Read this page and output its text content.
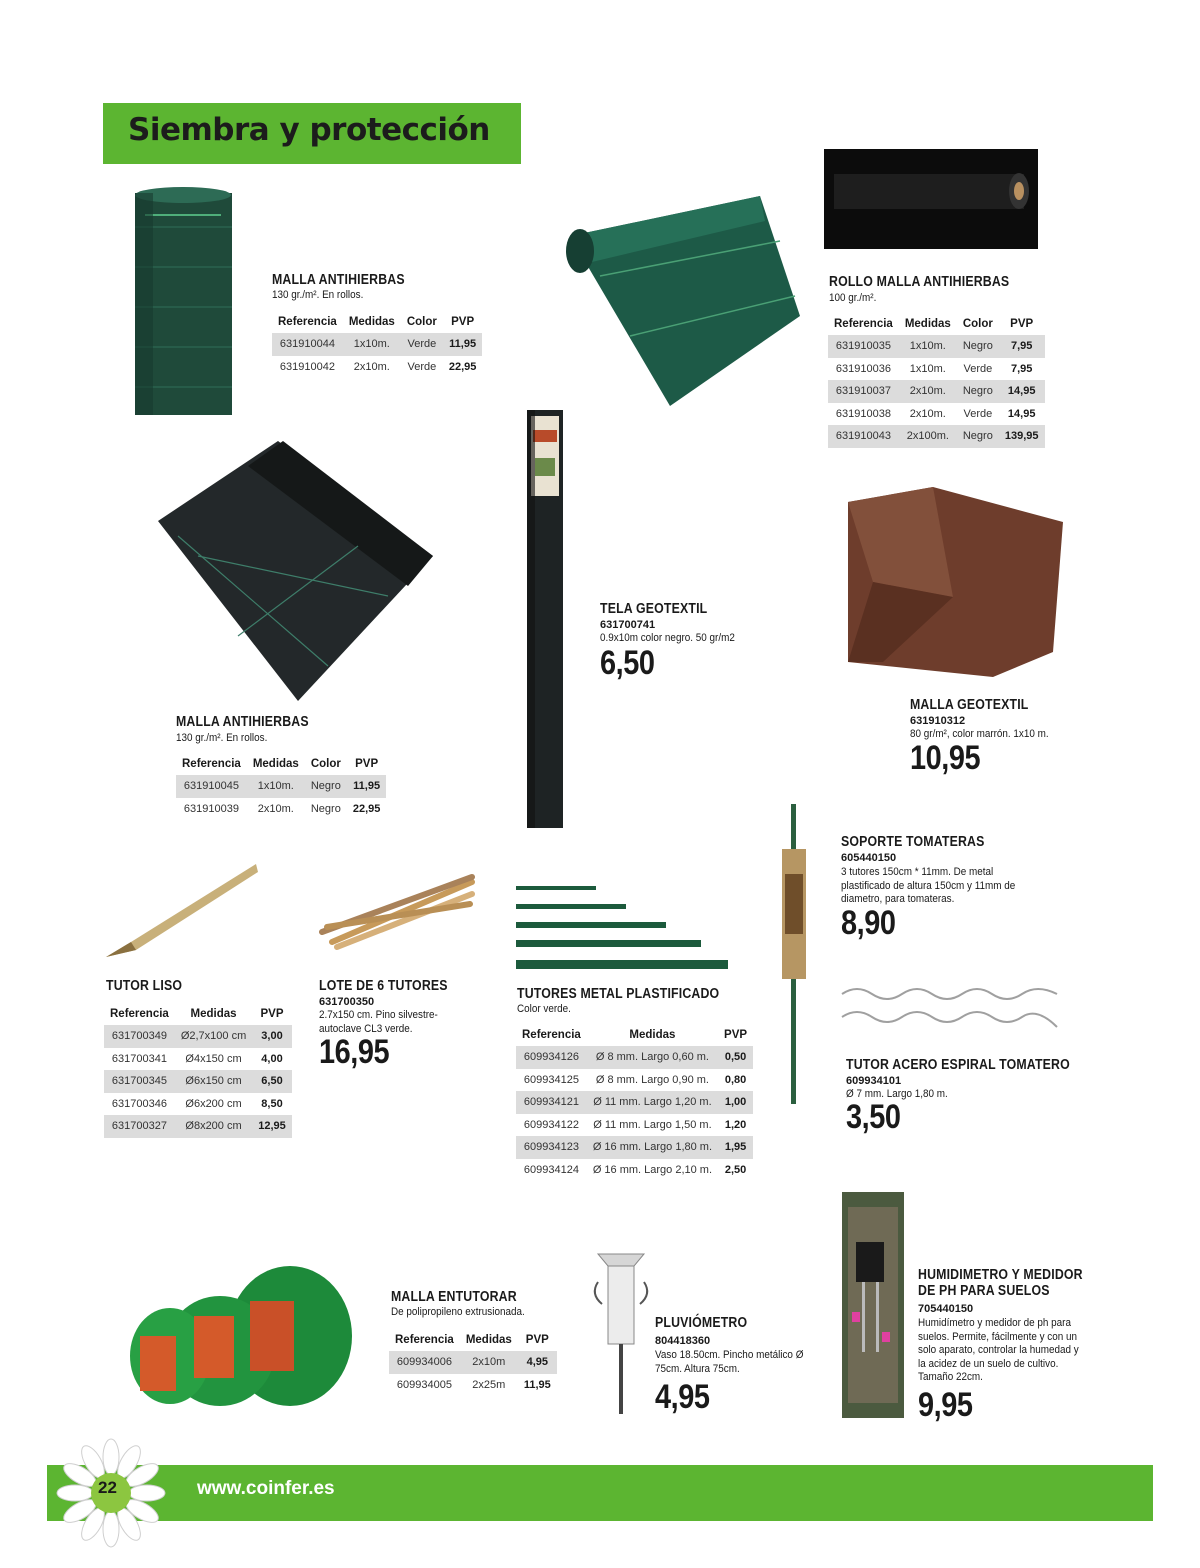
Siembra y protección
MALLA ANTIHIERBAS
130 gr./m². En rollos.
Referencia	Medidas	Color	PVP
631910044	1x10m.	Verde	11,95
631910042	2x10m.	Verde	22,95
ROLLO MALLA ANTIHIERBAS
100 gr./m².
Referencia	Medidas	Color	PVP
631910035	1x10m.	Negro	7,95
631910036	1x10m.	Verde	7,95
631910037	2x10m.	Negro	14,95
631910038	2x10m.	Verde	14,95
631910043	2x100m.	Negro	139,95
MALLA ANTIHIERBAS
130 gr./m². En rollos.
Referencia	Medidas	Color	PVP
631910045	1x10m.	Negro	11,95
631910039	2x10m.	Negro	22,95
TELA GEOTEXTIL
631700741
0.9x10m color negro. 50 gr/m2
6,50
MALLA GEOTEXTIL
631910312
80 gr/m², color marrón. 1x10 m.
10,95
SOPORTE TOMATERAS
605440150
3 tutores 150cm * 11mm. De metal plastificado de altura 150cm y 11mm de diametro, para tomateras.
8,90
TUTOR LISO
Referencia	Medidas	PVP
631700349	Ø2,7x100 cm	3,00
631700341	Ø4x150 cm	4,00
631700345	Ø6x150 cm	6,50
631700346	Ø6x200 cm	8,50
631700327	Ø8x200 cm	12,95
LOTE DE 6 TUTORES
631700350
2.7x150 cm. Pino silvestre-autoclave CL3 verde.
16,95
TUTORES METAL PLASTIFICADO
Color verde.
Referencia	Medidas	PVP
609934126	Ø 8 mm. Largo 0,60 m.	0,50
609934125	Ø 8 mm. Largo 0,90 m.	0,80
609934121	Ø 11 mm. Largo 1,20 m.	1,00
609934122	Ø 11 mm. Largo 1,50 m.	1,20
609934123	Ø 16 mm. Largo 1,80 m.	1,95
609934124	Ø 16 mm. Largo 2,10 m.	2,50
TUTOR ACERO ESPIRAL TOMATERO
609934101
Ø 7 mm. Largo 1,80 m.
3,50
MALLA ENTUTORAR
De polipropileno extrusionada.
Referencia	Medidas	PVP
609934006	2x10m	4,95
609934005	2x25m	11,95
PLUVIÓMETRO
804418360
Vaso 18.50cm. Pincho metálico Ø 75cm. Altura 75cm.
4,95
HUMIDIMETRO Y MEDIDOR
DE PH PARA SUELOS
705440150
Humidímetro y medidor de ph para suelos. Permite, fácilmente y con un solo aparato, controlar la humedad y la acidez de un suelo de cultivo. Tamaño 22cm.
9,95
22	www.coinfer.es
